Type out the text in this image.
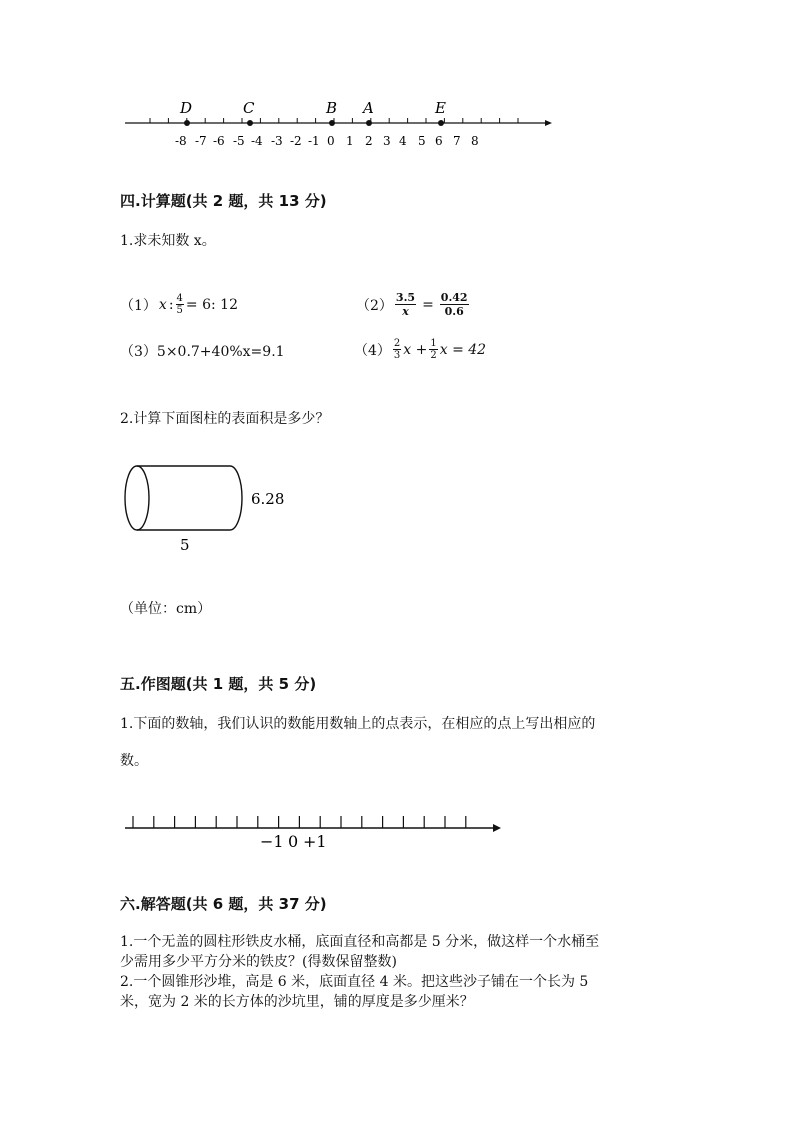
D	C	B A	E
-8 -7 -6 -5 -4 -3 -2 -1 0 1 2 3 4 5 6 7 8
四.计算题(共 2 题，共 13 分)
1.求未知数 x。
（1） x : $\frac{4}{5} = 6$: 12	$(2) \frac{3.5}{x} = \frac{0.42}{0.6}$
（3）5×0.7+40%x=9.1	$(4) \frac{2}{3}$ $x + \frac{1}{2}$ x = 42
2.计算下面图柱的表面积是多少？
6.28
5
（单位：cm）
五.作图题(共 1 题，共 5 分)
1.下面的数轴，我们认识的数能用数轴上的点表示，在相应的点上写出相应的
数。
−1 0 +1
六.解答题(共 6 题，共 37 分)
1.一个无盖的圆柱形铁皮水桶，底面直径和高都是 5 分米，做这样一个水桶至
少需用多少平方分米的铁皮？(得数保留整数)
2.一个圆锥形沙堆，高是 6 米，底面直径 4 米。把这些沙子铺在一个长为 5
米，宽为 2 米的长方体的沙坑里，铺的厚度是多少厘米？
